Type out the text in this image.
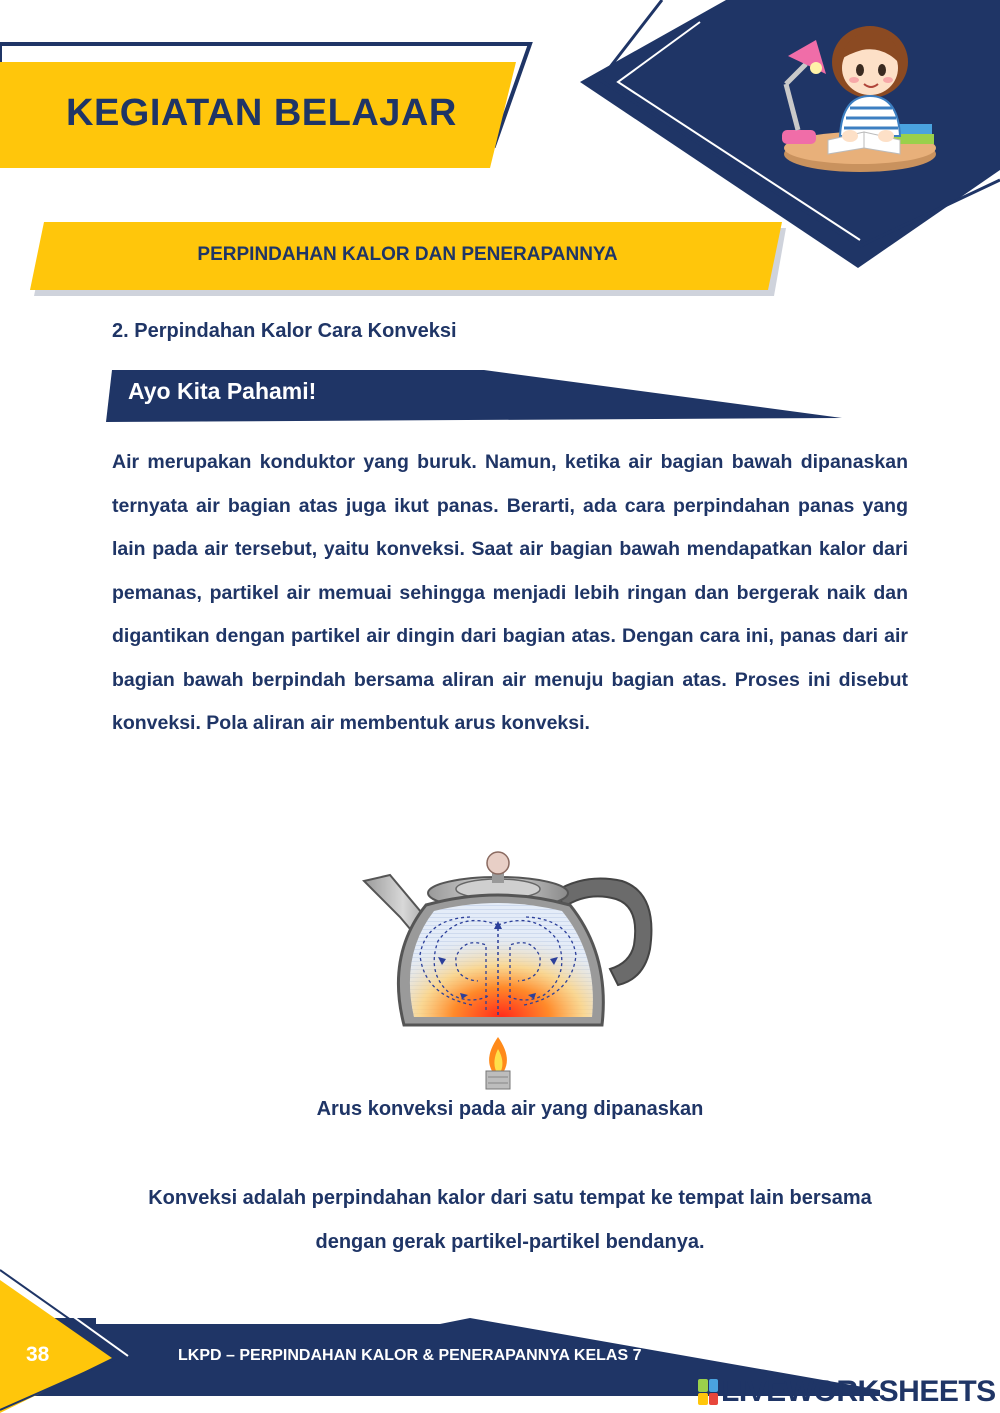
KEGIATAN BELAJAR
PERPINDAHAN KALOR DAN PENERAPANNYA
2. Perpindahan Kalor Cara Konveksi
Ayo Kita Pahami!
Air merupakan konduktor yang buruk. Namun, ketika air bagian bawah dipanaskan ternyata air bagian atas juga ikut panas. Berarti, ada cara perpindahan panas yang lain pada air tersebut, yaitu konveksi. Saat air bagian bawah mendapatkan kalor dari pemanas, partikel air memuai sehingga menjadi lebih ringan dan bergerak naik dan digantikan dengan partikel air dingin dari bagian atas. Dengan cara ini, panas dari air bagian bawah berpindah bersama aliran air menuju bagian atas. Proses ini disebut konveksi. Pola aliran air membentuk arus konveksi.
Arus konveksi pada air yang dipanaskan
Konveksi adalah perpindahan kalor dari satu tempat ke tempat lain bersama
dengan gerak partikel-partikel bendanya.
38	LKPD – PERPINDAHAN KALOR & PENERAPANNYA KELAS 7
LIVEWORKSHEETS
